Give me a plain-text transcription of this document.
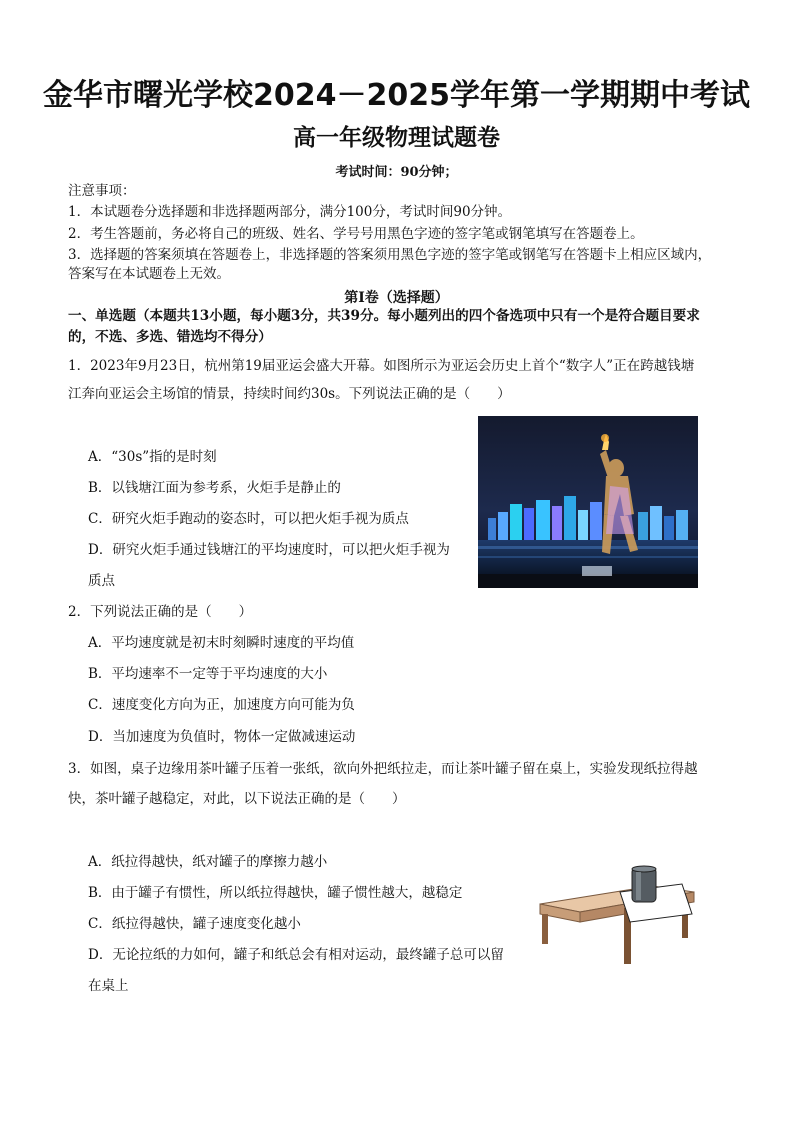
金华市曙光学校2024－2025学年第一学期期中考试
高一年级物理试题卷
考试时间：90分钟；
注意事项：
1．本试题卷分选择题和非选择题两部分，满分100分，考试时间90分钟。
2．考生答题前，务必将自己的班级、姓名、学号号用黑色字迹的签字笔或钢笔填写在答题卷上。
3．选择题的答案须填在答题卷上，非选择题的答案须用黑色字迹的签字笔或钢笔写在答题卡上相应区域内，
答案写在本试题卷上无效。
第Ⅰ卷（选择题）
一、单选题（本题共13小题，每小题3分，共39分。每小题列出的四个备选项中只有一个是符合题目要求
的，不选、多选、错选均不得分）
1．2023年9月23日，杭州第19届亚运会盛大开幕。如图所示为亚运会历史上首个“数字人”正在跨越钱塘
江奔向亚运会主场馆的情景，持续时间约30s。下列说法正确的是（　　）
A．“30s”指的是时刻
B．以钱塘江面为参考系，火炬手是静止的
C．研究火炬手跑动的姿态时，可以把火炬手视为质点
D．研究火炬手通过钱塘江的平均速度时，可以把火炬手视为
质点
2．下列说法正确的是（　　）
A．平均速度就是初末时刻瞬时速度的平均值
B．平均速率不一定等于平均速度的大小
C．速度变化方向为正，加速度方向可能为负
D．当加速度为负值时，物体一定做减速运动
3．如图，桌子边缘用茶叶罐子压着一张纸，欲向外把纸拉走，而让茶叶罐子留在桌上，实验发现纸拉得越
快，茶叶罐子越稳定，对此，以下说法正确的是（　　）
A．纸拉得越快，纸对罐子的摩擦力越小
B．由于罐子有惯性，所以纸拉得越快，罐子惯性越大，越稳定
C．纸拉得越快，罐子速度变化越小
D．无论拉纸的力如何，罐子和纸总会有相对运动，最终罐子总可以留
在桌上
